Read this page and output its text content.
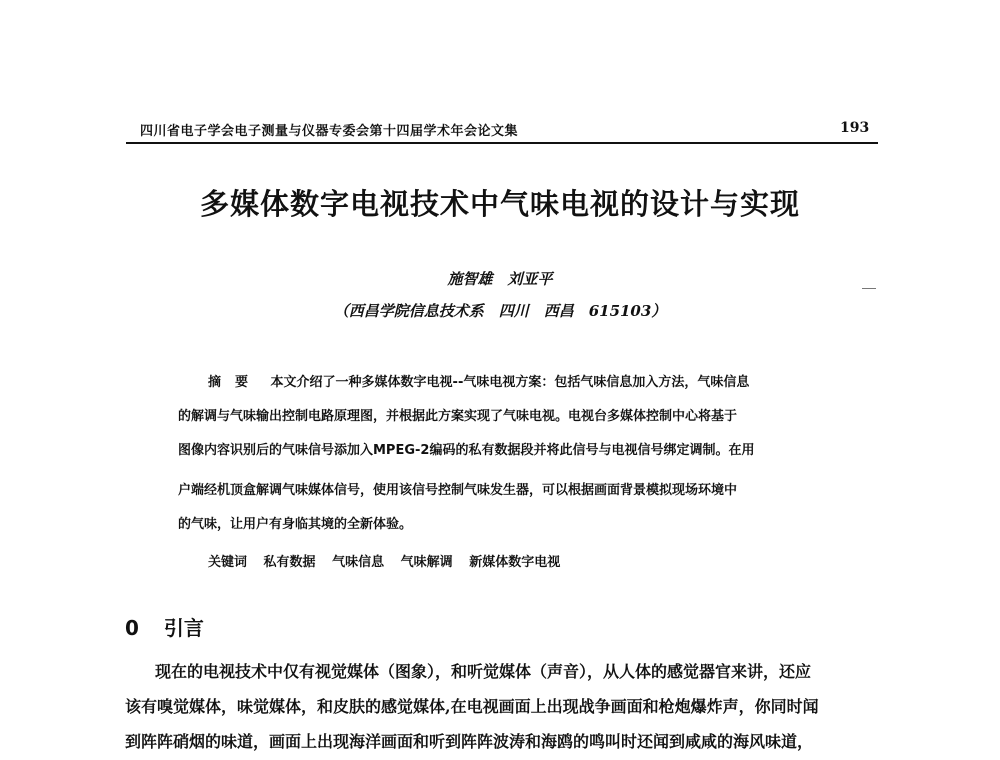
四川省电子学会电子测量与仪器专委会第十四届学术年会论文集	193
多媒体数字电视技术中气味电视的设计与实现
施智雄　刘亚平
（西昌学院信息技术系　四川　西昌　615103）
摘要 本文介绍了一种多媒体数字电视--气味电视方案：包括气味信息加入方法，气味信息
的解调与气味输出控制电路原理图，并根据此方案实现了气味电视。电视台多媒体控制中心将基于
图像内容识别后的气味信号添加入MPEG-2编码的私有数据段并将此信号与电视信号绑定调制。在用
户端经机顶盒解调气味媒体信号，使用该信号控制气味发生器，可以根据画面背景模拟现场环境中
的气味，让用户有身临其境的全新体验。
关键词 私有数据 气味信息 气味解调 新媒体数字电视
0 引言
现在的电视技术中仅有视觉媒体（图象），和听觉媒体（声音），从人体的感觉器官来讲，还应
该有嗅觉媒体，味觉媒体，和皮肤的感觉媒体,在电视画面上出现战争画面和枪炮爆炸声，你同时闻
到阵阵硝烟的味道，画面上出现海洋画面和听到阵阵波涛和海鸥的鸣叫时还闻到咸咸的海风味道，
